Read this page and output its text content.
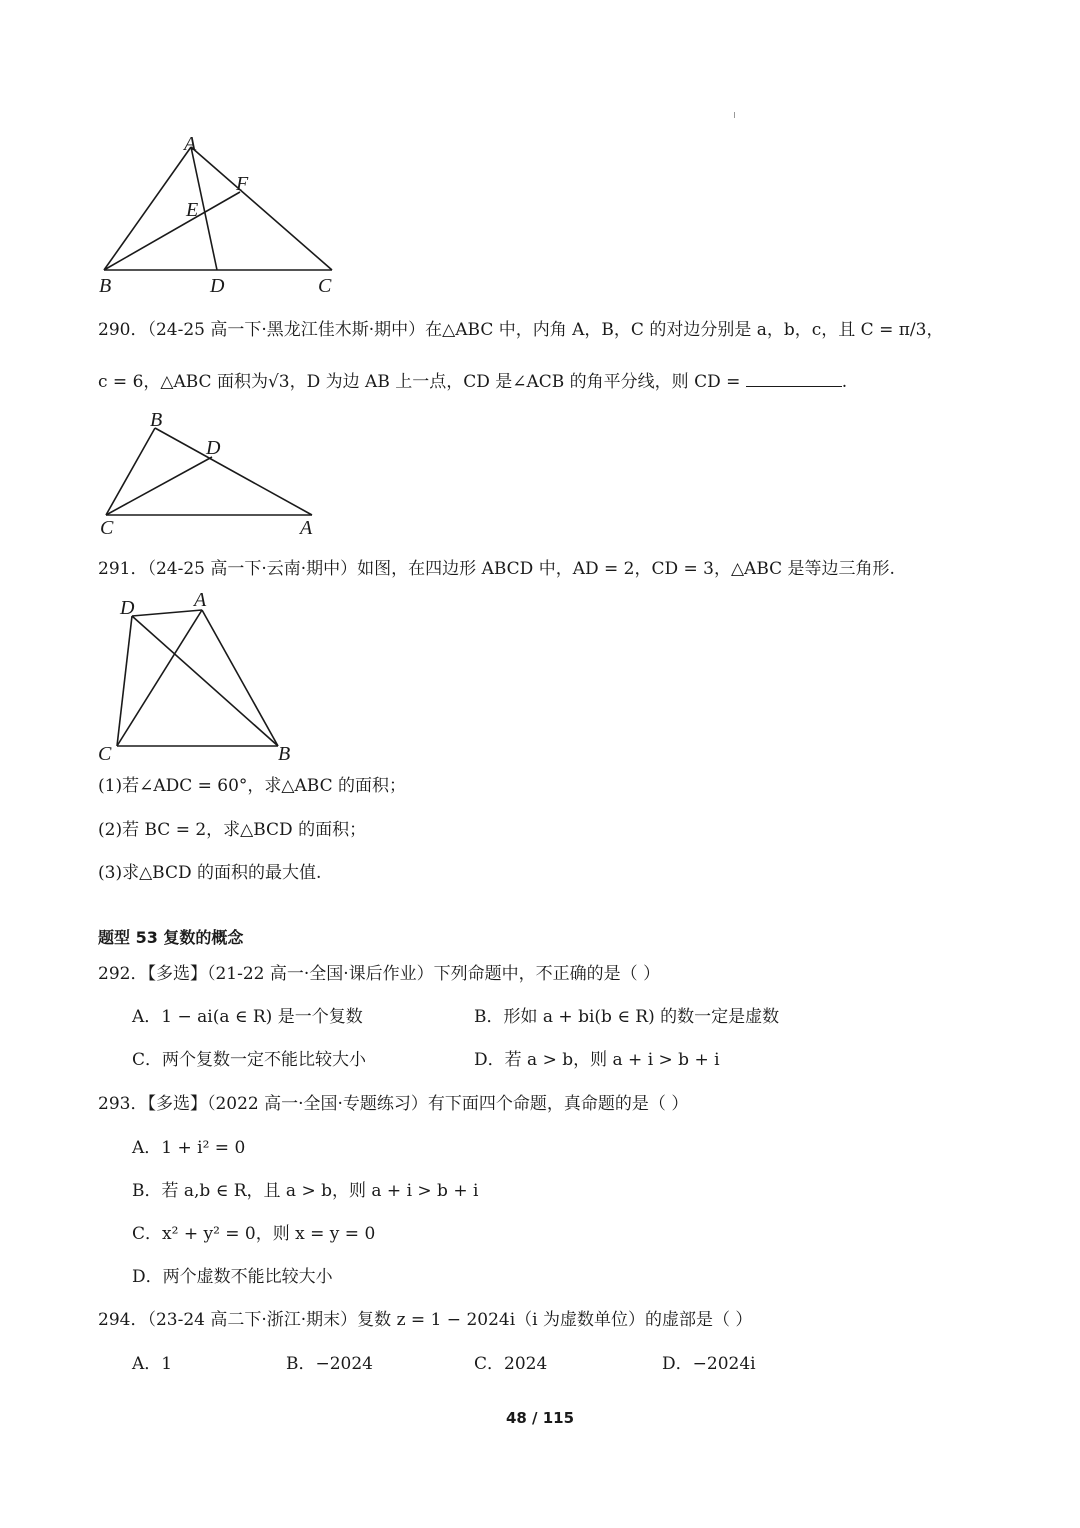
A
F
E
B	D	C
290．（24-25 高一下·黑龙江佳木斯·期中）在△ABC 中，内角 A，B，C 的对边分别是 a，b，c，且 C = π/3，
c = 6，△ABC 面积为√3，D 为边 AB 上一点，CD 是∠ACB 的角平分线，则 CD =	.
B
D
C	A
291．（24-25 高一下·云南·期中）如图，在四边形 ABCD 中，AD = 2，CD = 3，△ABC 是等边三角形.
D	A
C	B
(1)若∠ADC = 60°，求△ABC 的面积；
(2)若 BC = 2，求△BCD 的面积；
(3)求△BCD 的面积的最大值.
题型 53 复数的概念
292．【多选】（21-22 高一·全国·课后作业）下列命题中，不正确的是（ ）
A．1 − ai(a ∈ R) 是一个复数	B．形如 a + bi(b ∈ R) 的数一定是虚数
C．两个复数一定不能比较大小	D．若 a > b，则 a + i > b + i
293．【多选】（2022 高一·全国·专题练习）有下面四个命题，真命题的是（ ）
A．1 + i² = 0
B．若 a,b ∈ R，且 a > b，则 a + i > b + i
C．x² + y² = 0，则 x = y = 0
D．两个虚数不能比较大小
294．（23-24 高二下·浙江·期末）复数 z = 1 − 2024i（i 为虚数单位）的虚部是（ ）
A．1	B．−2024	C．2024	D．−2024i
48 / 115
